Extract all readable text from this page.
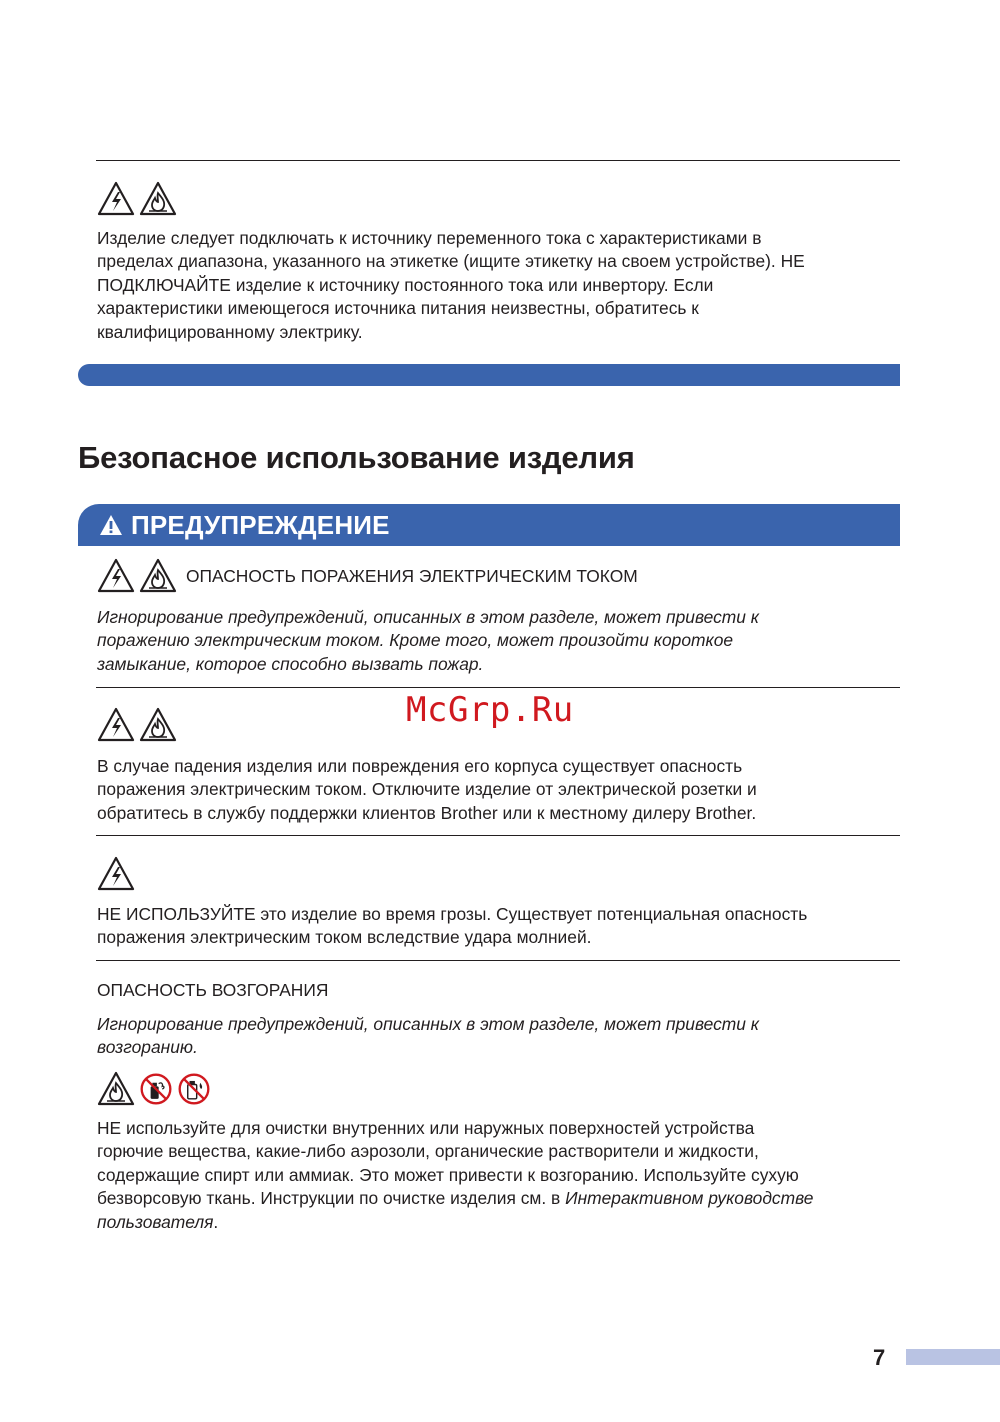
Изделие следует подключать к источнику переменного тока с характеристиками в
пределах диапазона, указанного на этикетке (ищите этикетку на своем устройстве). НЕ
ПОДКЛЮЧАЙТЕ изделие к источнику постоянного тока или инвертору. Если
характеристики имеющегося источника питания неизвестны, обратитесь к
квалифицированному электрику.
Безопасное использование изделия
ПРЕДУПРЕЖДЕНИЕ
ОПАСНОСТЬ ПОРАЖЕНИЯ ЭЛЕКТРИЧЕСКИМ ТОКОМ
Игнорирование предупреждений, описанных в этом разделе, может привести к
поражению электрическим током. Кроме того, может произойти короткое
замыкание, которое способно вызвать пожар.
McGrp.Ru
В случае падения изделия или повреждения его корпуса существует опасность
поражения электрическим током. Отключите изделие от электрической розетки и
обратитесь в службу поддержки клиентов Brother или к местному дилеру Brother.
НЕ ИСПОЛЬЗУЙТЕ это изделие во время грозы. Существует потенциальная опасность
поражения электрическим током вследствие удара молнией.
ОПАСНОСТЬ ВОЗГОРАНИЯ
Игнорирование предупреждений, описанных в этом разделе, может привести к
возгоранию.
НЕ используйте для очистки внутренних или наружных поверхностей устройства
горючие вещества, какие-либо аэрозоли, органические растворители и жидкости,
содержащие спирт или аммиак. Это может привести к возгоранию. Используйте сухую
безворсовую ткань. Инструкции по очистке изделия см. в Интерактивном руководстве
пользователя.
7
